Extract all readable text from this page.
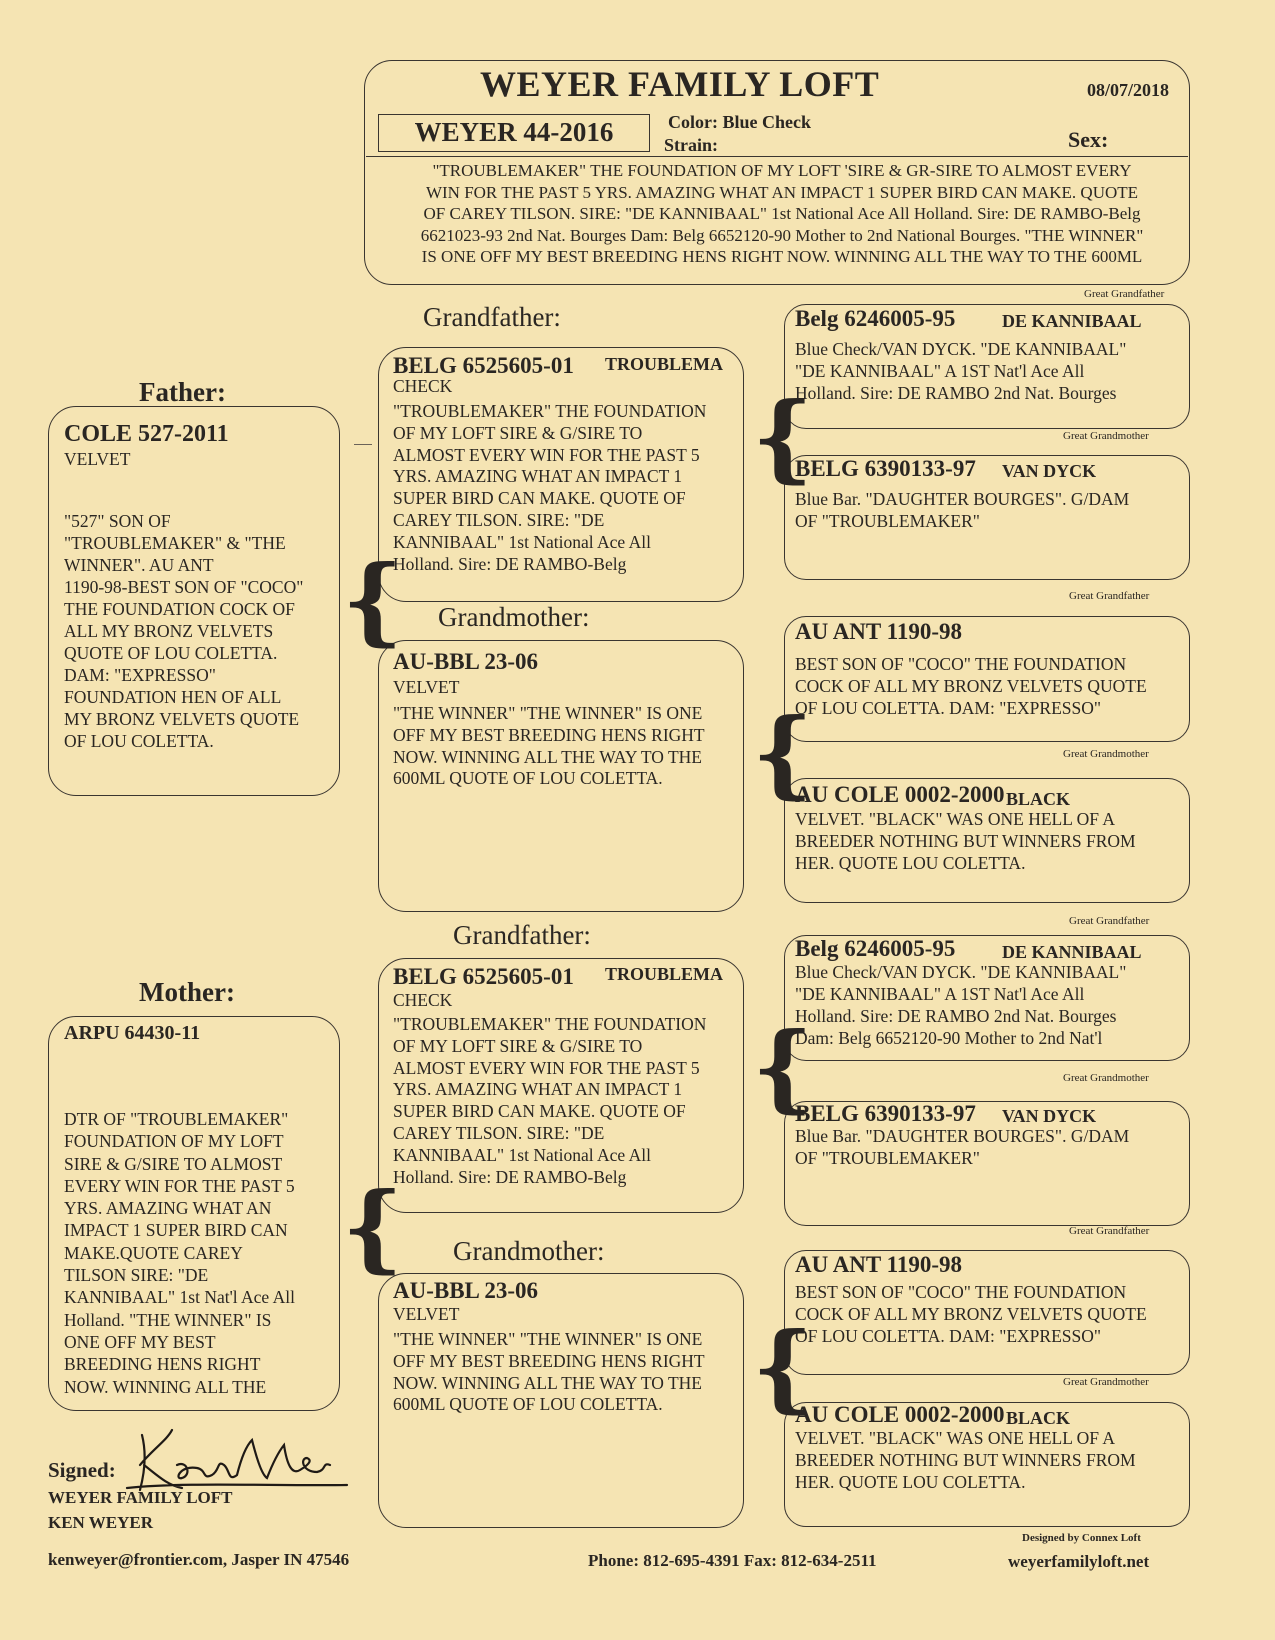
WEYER FAMILY LOFT	08/07/2018
WEYER 44-2016	Color: Blue Check
Strain:	Sex:
"TROUBLEMAKER" THE FOUNDATION OF MY LOFT 'SIRE & GR-SIRE TO ALMOST EVERY
WIN FOR THE PAST 5 YRS. AMAZING WHAT AN IMPACT 1 SUPER BIRD CAN MAKE. QUOTE
OF CAREY TILSON. SIRE: "DE KANNIBAAL" 1st National Ace All Holland. Sire: DE RAMBO-Belg
6621023-93 2nd Nat. Bourges Dam: Belg 6652120-90 Mother to 2nd National Bourges. "THE WINNER"
IS ONE OFF MY BEST BREEDING HENS RIGHT NOW. WINNING ALL THE WAY TO THE 600ML
Great Grandfather
Grandfather:
Father:
Great Grandmother
Great Grandfather
Grandmother:
Great Grandmother
Great Grandfather
Grandfather:
Mother:
Great Grandmother
Great Grandfather
Grandmother:
Great Grandmother
COLE 527-2011
VELVET
"527" SON OF
"TROUBLEMAKER" & "THE
WINNER". AU ANT
1190-98-BEST SON OF "COCO"
THE FOUNDATION COCK OF
ALL MY BRONZ VELVETS
QUOTE OF LOU COLETTA.
DAM: "EXPRESSO"
FOUNDATION HEN OF ALL
MY BRONZ VELVETS QUOTE
OF LOU COLETTA.
ARPU 64430-11
DTR OF "TROUBLEMAKER"
FOUNDATION OF MY LOFT
SIRE & G/SIRE TO ALMOST
EVERY WIN FOR THE PAST 5
YRS. AMAZING WHAT AN
IMPACT 1 SUPER BIRD CAN
MAKE.QUOTE CAREY
TILSON SIRE: "DE
KANNIBAAL" 1st Nat'l Ace All
Holland. "THE WINNER" IS
ONE OFF MY BEST
BREEDING HENS RIGHT
NOW. WINNING ALL THE
BELG 6525605-01 TROUBLEMA
CHECK
"TROUBLEMAKER" THE FOUNDATION
OF MY LOFT SIRE & G/SIRE TO
ALMOST EVERY WIN FOR THE PAST 5
YRS. AMAZING WHAT AN IMPACT 1
SUPER BIRD CAN MAKE. QUOTE OF
CAREY TILSON. SIRE: "DE
KANNIBAAL" 1st National Ace All
Holland. Sire: DE RAMBO-Belg
AU-BBL 23-06
VELVET
"THE WINNER" "THE WINNER" IS ONE
OFF MY BEST BREEDING HENS RIGHT
NOW. WINNING ALL THE WAY TO THE
600ML QUOTE OF LOU COLETTA.
BELG 6525605-01 TROUBLEMA
CHECK
"TROUBLEMAKER" THE FOUNDATION
OF MY LOFT SIRE & G/SIRE TO
ALMOST EVERY WIN FOR THE PAST 5
YRS. AMAZING WHAT AN IMPACT 1
SUPER BIRD CAN MAKE. QUOTE OF
CAREY TILSON. SIRE: "DE
KANNIBAAL" 1st National Ace All
Holland. Sire: DE RAMBO-Belg
AU-BBL 23-06
VELVET
"THE WINNER" "THE WINNER" IS ONE
OFF MY BEST BREEDING HENS RIGHT
NOW. WINNING ALL THE WAY TO THE
600ML QUOTE OF LOU COLETTA.
Belg 6246005-95	DE KANNIBAAL
Blue Check/VAN DYCK. "DE KANNIBAAL"
"DE KANNIBAAL" A 1ST Nat'l Ace All
Holland. Sire: DE RAMBO 2nd Nat. Bourges
BELG 6390133-97 VAN DYCK
Blue Bar. "DAUGHTER BOURGES". G/DAM
OF "TROUBLEMAKER"
AU ANT 1190-98
BEST SON OF "COCO" THE FOUNDATION
COCK OF ALL MY BRONZ VELVETS QUOTE
OF LOU COLETTA. DAM: "EXPRESSO"
AU COLE 0002-2000 BLACK
VELVET. "BLACK" WAS ONE HELL OF A
BREEDER NOTHING BUT WINNERS FROM
HER. QUOTE LOU COLETTA.
Belg 6246005-95	DE KANNIBAAL
Blue Check/VAN DYCK. "DE KANNIBAAL"
"DE KANNIBAAL" A 1ST Nat'l Ace All
Holland. Sire: DE RAMBO 2nd Nat. Bourges
Dam: Belg 6652120-90 Mother to 2nd Nat'l
BELG 6390133-97 VAN DYCK
Blue Bar. "DAUGHTER BOURGES". G/DAM
OF "TROUBLEMAKER"
AU ANT 1190-98
BEST SON OF "COCO" THE FOUNDATION
COCK OF ALL MY BRONZ VELVETS QUOTE
OF LOU COLETTA. DAM: "EXPRESSO"
AU COLE 0002-2000 BLACK
VELVET. "BLACK" WAS ONE HELL OF A
BREEDER NOTHING BUT WINNERS FROM
HER. QUOTE LOU COLETTA.
{
{
{
{
{
{
Signed:
WEYER FAMILY LOFT
KEN WEYER
kenweyer@frontier.com, Jasper IN 47546	Phone: 812-695-4391 Fax: 812-634-2511	weyerfamilyloft.net
Designed by Connex Loft
